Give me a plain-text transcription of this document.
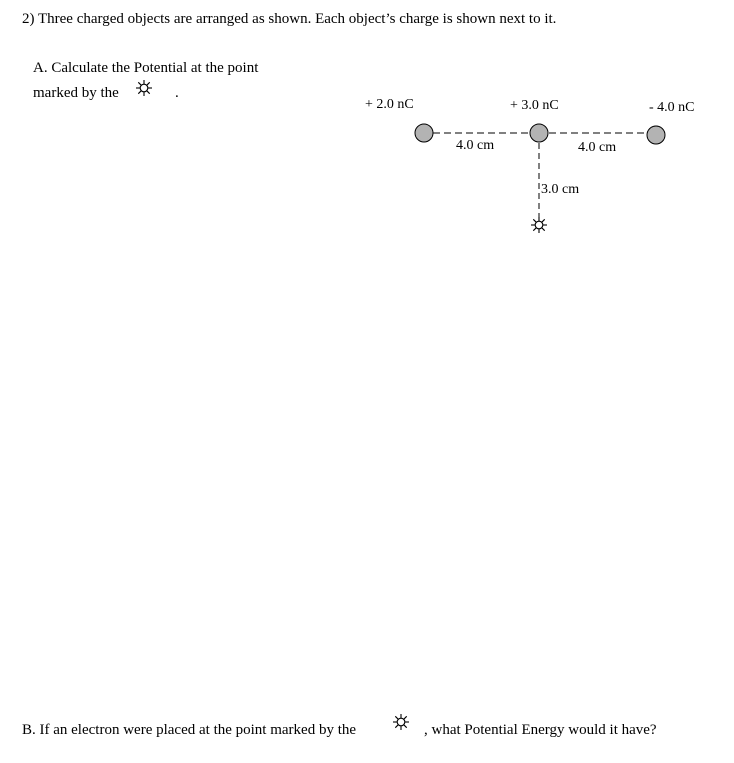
2) Three charged objects are arranged as shown. Each object’s charge is shown next to it.
A. Calculate the Potential at the point
marked by the	.
+ 2.0 nC	+ 3.0 nC	- 4.0 nC
4.0 cm	4.0 cm
3.0 cm
B. If an electron were placed at the point marked by the	, what Potential Energy would it have?
